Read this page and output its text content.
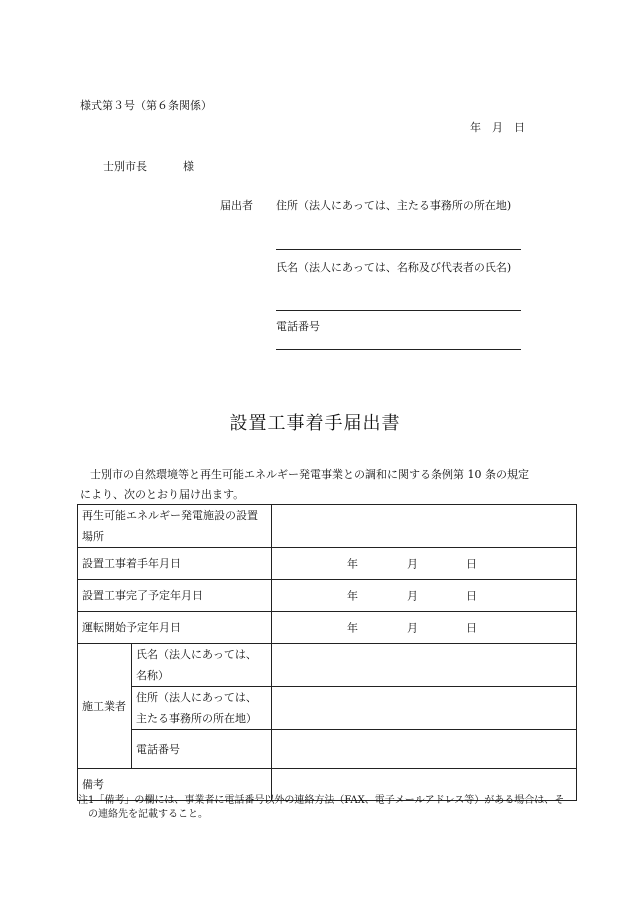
様式第３号（第６条関係）
年　月　日
士別市長	様
届出者 住所（法人にあっては、主たる事務所の所在地)
氏名（法人にあっては、名称及び代表者の氏名)
電話番号
設置工事着手届出書
士別市の自然環境等と再生可能エネルギー発電事業との調和に関する条例第 10 条の規定
により、次のとおり届け出ます。
再生可能エネルギー発電施設の設置場所		
設置工事着手年月日		年 月 日

設置工事完了予定年月日		年 月 日

運転開始予定年月日		年 月 日

施工業者	氏名（法人にあっては、名称）	
	住所（法人にあっては、主たる事務所の所在地）	
	電話番号	
備考		
注1「備考」の欄には、事業者に電話番号以外の連絡方法（FAX、電子メールアドレス等）がある場合は、そ
の連絡先を記載すること。
